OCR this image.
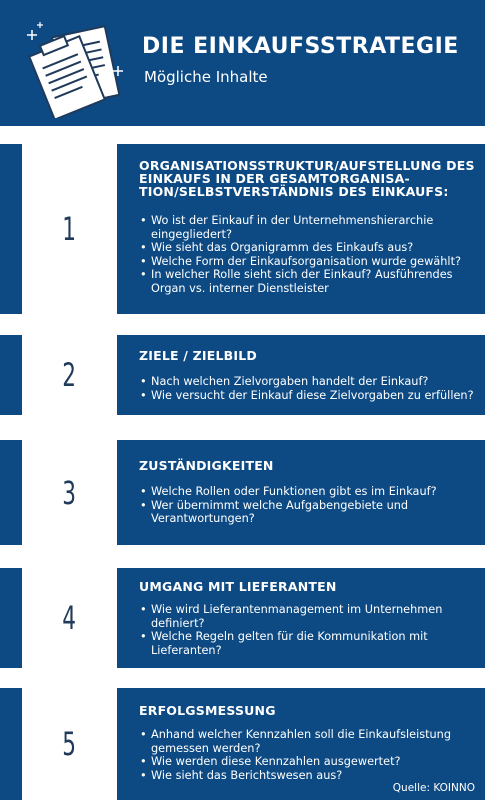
DIE EINKAUFSSTRATEGIE
Mögliche Inhalte
1

ORGANISATIONSSTRUKTUR/AUFSTELLUNG DES EINKAUFS IN DER GESAMTORGANISA-TION/SELBSTVERSTÄNDNIS DES EINKAUFS:

• Wo ist der Einkauf in der Unternehmenshierarchie eingegliedert?
• Wie sieht das Organigramm des Einkaufs aus?
• Welche Form der Einkaufsorganisation wurde gewählt?
• In welcher Rolle sieht sich der Einkauf? Ausführendes Organ vs. interner Dienstleister
2

ZIELE / ZIELBILD

• Nach welchen Zielvorgaben handelt der Einkauf?
• Wie versucht der Einkauf diese Zielvorgaben zu erfüllen?
3

ZUSTÄNDIGKEITEN

• Welche Rollen oder Funktionen gibt es im Einkauf?
• Wer übernimmt welche Aufgabengebiete und Verantwortungen?
4

UMGANG MIT LIEFERANTEN

• Wie wird Lieferantenmanagement im Unternehmen definiert?
• Welche Regeln gelten für die Kommunikation mit Lieferanten?
5

ERFOLGSMESSUNG

• Anhand welcher Kennzahlen soll die Einkaufsleistung gemessen werden?
• Wie werden diese Kennzahlen ausgewertet?
• Wie sieht das Berichtswesen aus?
Quelle: KOINNO
